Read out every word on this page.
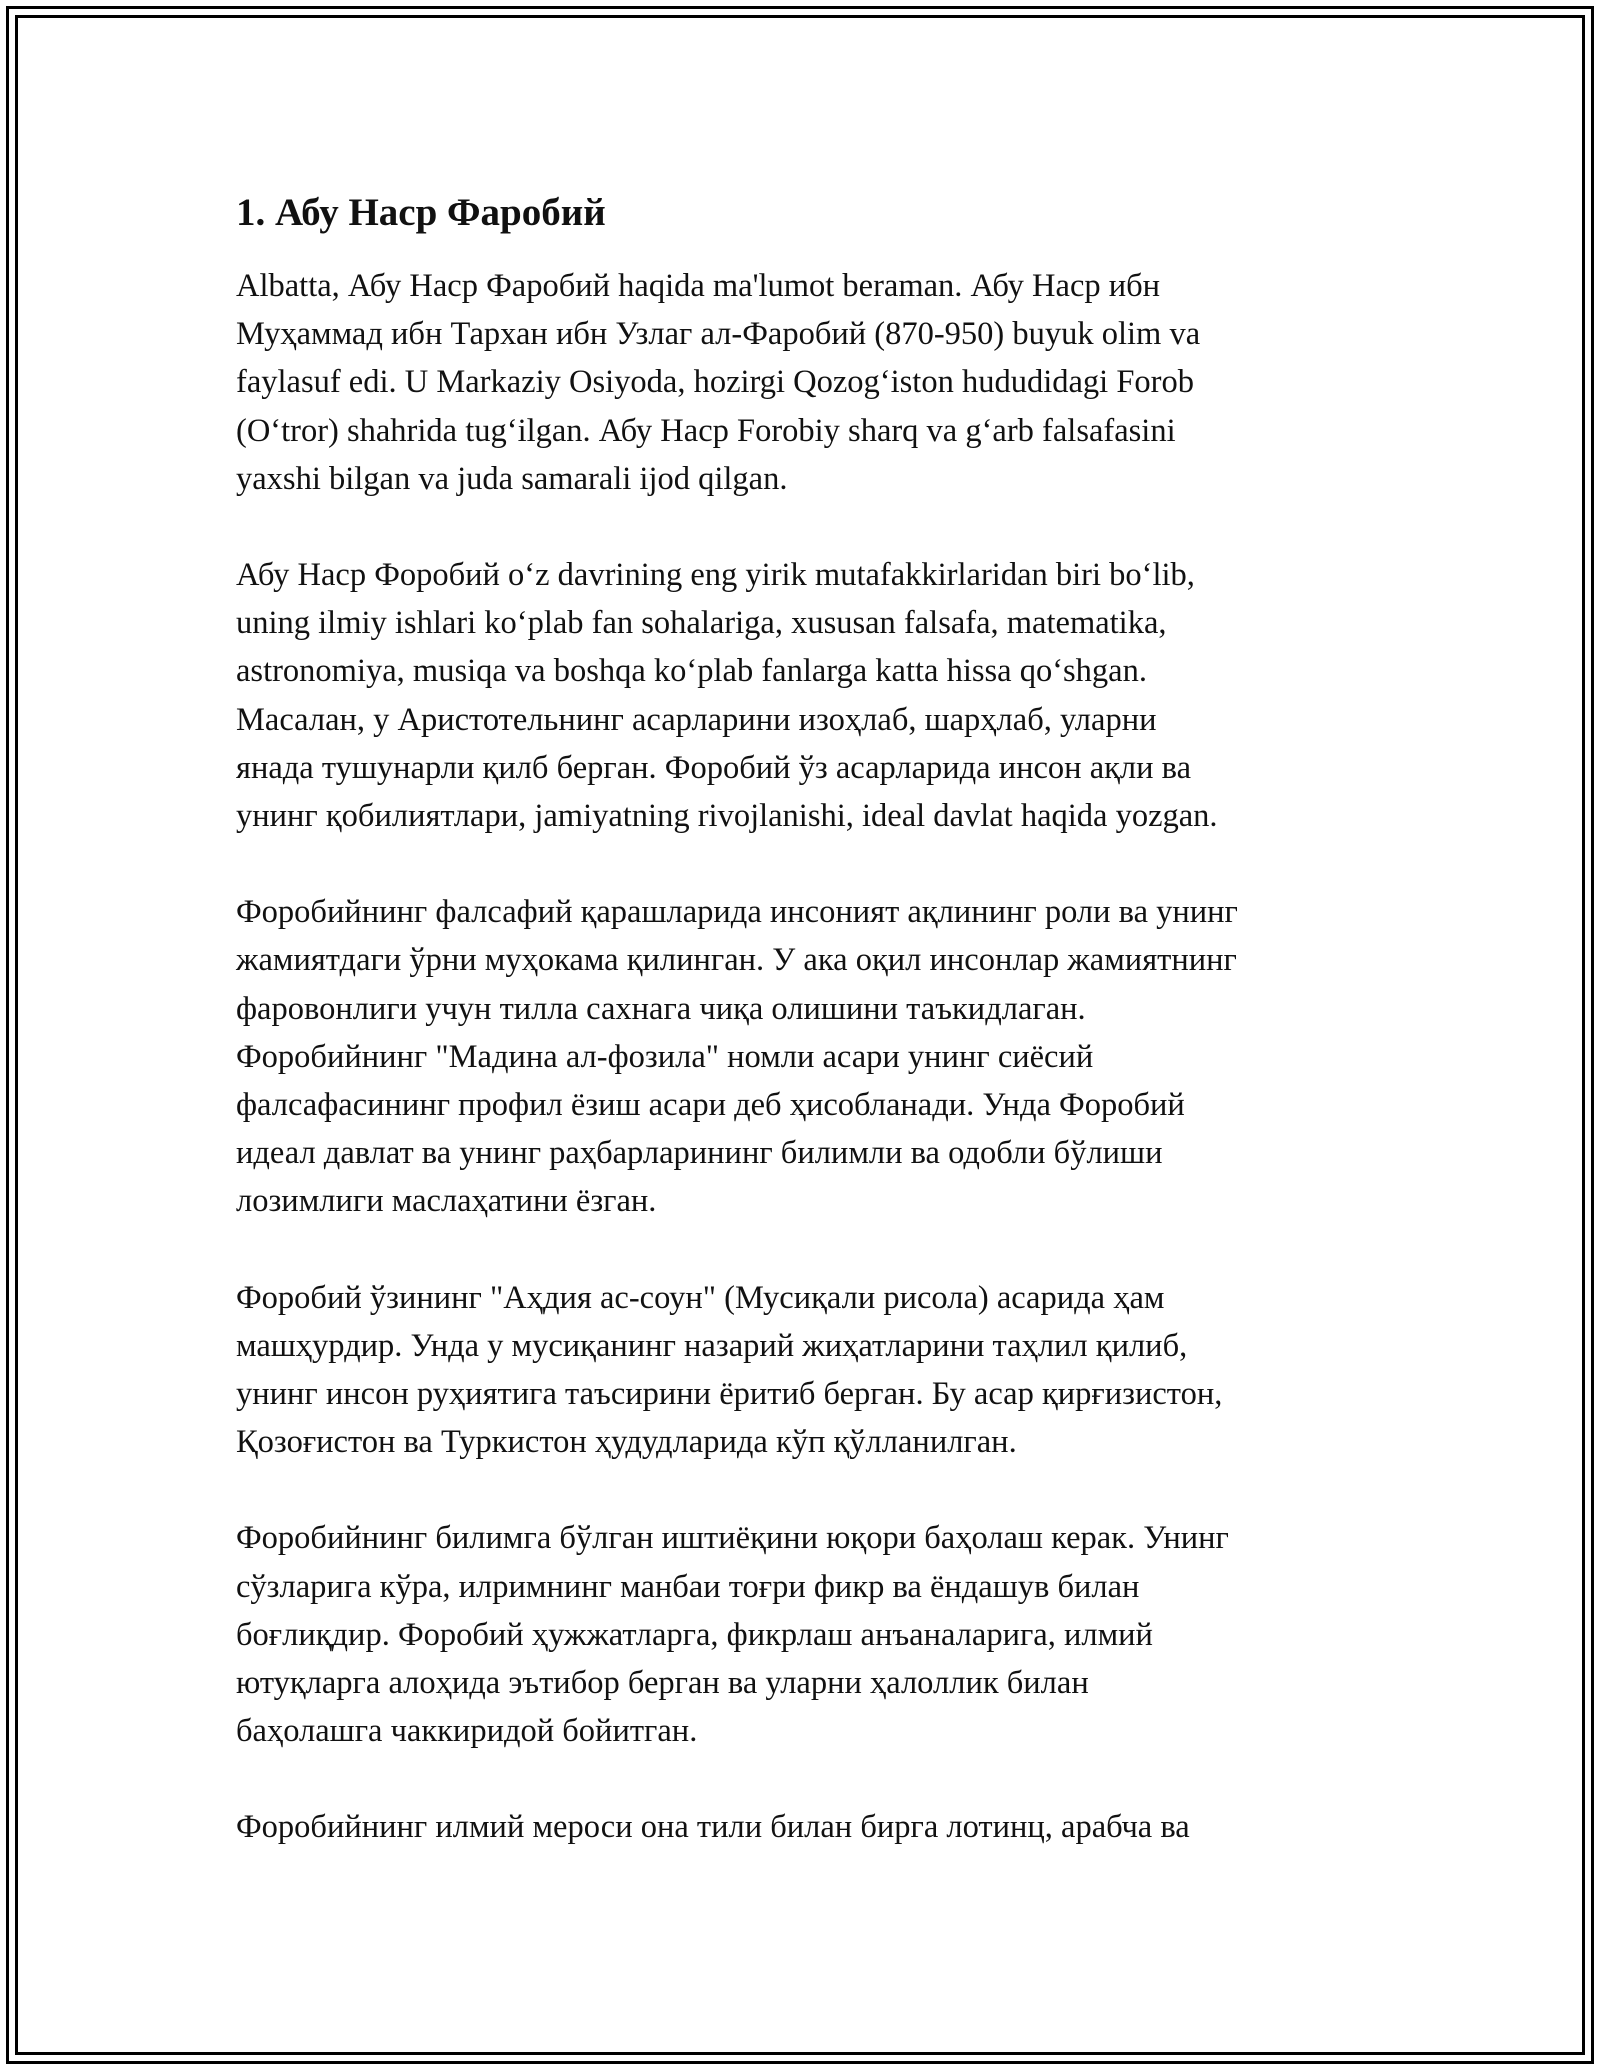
1. Абу Наср Фаробий
Albatta, Абу Наср Фаробий haqida ma'lumot beraman. Абу Наср ибн
Муҳаммад ибн Тархан ибн Узлаг ал-Фаробий (870-950) buyuk olim va
faylasuf edi. U Markaziy Osiyoda, hozirgi Qozog‘iston hududidagi Forob
(O‘tror) shahrida tug‘ilgan. Абу Наср Forobiy sharq va g‘arb falsafasini
yaxshi bilgan va juda samarali ijod qilgan.
Абу Наср Форобий o‘z davrining eng yirik mutafakkirlaridan biri bo‘lib,
uning ilmiy ishlari ko‘plab fan sohalariga, xususan falsafa, matematika,
astronomiya, musiqa va boshqa ko‘plab fanlarga katta hissa qo‘shgan.
Масалан, у Аристотельнинг асарларини изоҳлаб, шарҳлаб, уларни
янада тушунарли қилб берган. Форобий ўз асарларида инсон ақли ва
унинг қобилиятлари, jamiyatning rivojlanishi, ideal davlat haqida yozgan.
Форобийнинг фалсафий қарашларида инсоният ақлининг роли ва унинг
жамиятдаги ўрни муҳокама қилинган. У ака оқил инсонлар жамиятнинг
фаровонлиги учун тилла сахнага чиқа олишини таъкидлаган.
Форобийнинг "Мадина ал-фозила" номли асари унинг сиёсий
фалсафасининг профил ёзиш асари деб ҳисобланади. Унда Форобий
идеал давлат ва унинг раҳбарларининг билимли ва одобли бўлиши
лозимлиги маслаҳатини ёзган.
Форобий ўзининг "Аҳдия ас-соун" (Мусиқали рисола) асарида ҳам
машҳурдир. Унда у мусиқанинг назарий жиҳатларини таҳлил қилиб,
унинг инсон руҳиятига таъсирини ёритиб берган. Бу асар қирғизистон,
Қозоғистон ва Туркистон ҳудудларида кўп қўлланилган.
Форобийнинг билимга бўлган иштиёқини юқори баҳолаш керак. Унинг
сўзларига кўра, илримнинг манбаи тоғри фикр ва ёндашув билан
боғлиқдир. Форобий ҳужжатларга, фикрлаш анъаналарига, илмий
ютуқларга алоҳида эътибор берган ва уларни ҳалоллик билан
баҳолашга чаккиридой бойитган.
Форобийнинг илмий мероси она тили билан бирга лотинц, арабча ва
